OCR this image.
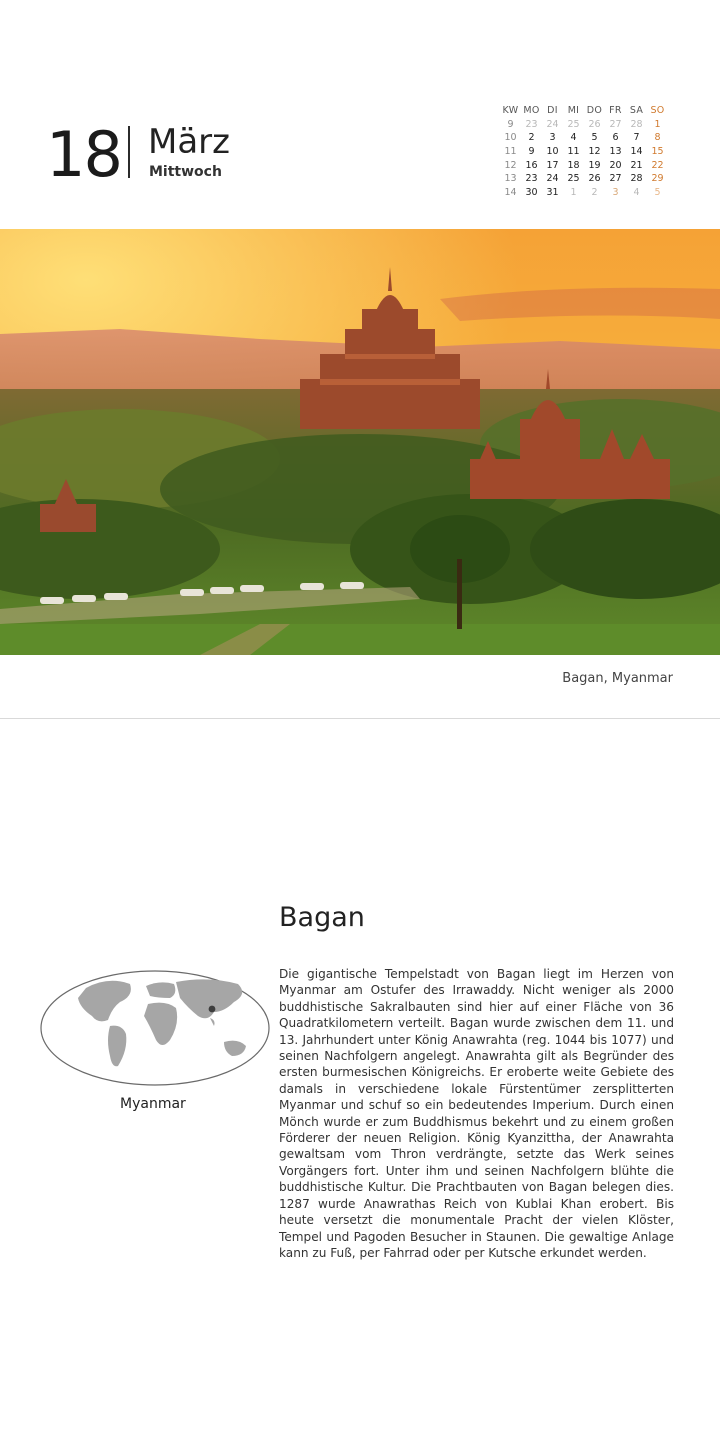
18 März
Mittwoch
KW	MO	DI	MI	DO	FR	SA	SO
9	23	24	25	26	27	28	1
10	2	3	4	5	6	7	8
11	9	10	11	12	13	14	15
12	16	17	18	19	20	21	22
13	23	24	25	26	27	28	29
14	30	31	1	2	3	4	5
Bagan, Myanmar
Bagan
Myanmar
Die gigantische Tempelstadt von Bagan liegt im Herzen von Myanmar am Ostufer des Irrawaddy. Nicht weniger als 2000 buddhistische Sakralbauten sind hier auf einer Fläche von 36 Quadratkilometern verteilt. Bagan wurde zwischen dem 11. und 13. Jahrhundert unter König Anawrahta (reg. 1044 bis 1077) und seinen Nachfolgern angelegt. Anawrahta gilt als Begründer des ersten burmesischen Königreichs. Er eroberte weite Gebiete des damals in verschiedene lokale Fürstentümer zersplitterten Myanmar und schuf so ein bedeutendes Imperium. Durch einen Mönch wurde er zum Buddhismus bekehrt und zu einem großen Förderer der neuen Religion. König Kyanzittha, der Anawrahta gewaltsam vom Thron verdrängte, setzte das Werk seines Vorgängers fort. Unter ihm und seinen Nachfolgern blühte die buddhistische Kultur. Die Prachtbauten von Bagan belegen dies. 1287 wurde Anawrathas Reich von Kublai Khan erobert. Bis heute versetzt die monumentale Pracht der vielen Klöster, Tempel und Pagoden Besucher in Staunen. Die gewaltige Anlage kann zu Fuß, per Fahrrad oder per Kutsche erkundet werden.
